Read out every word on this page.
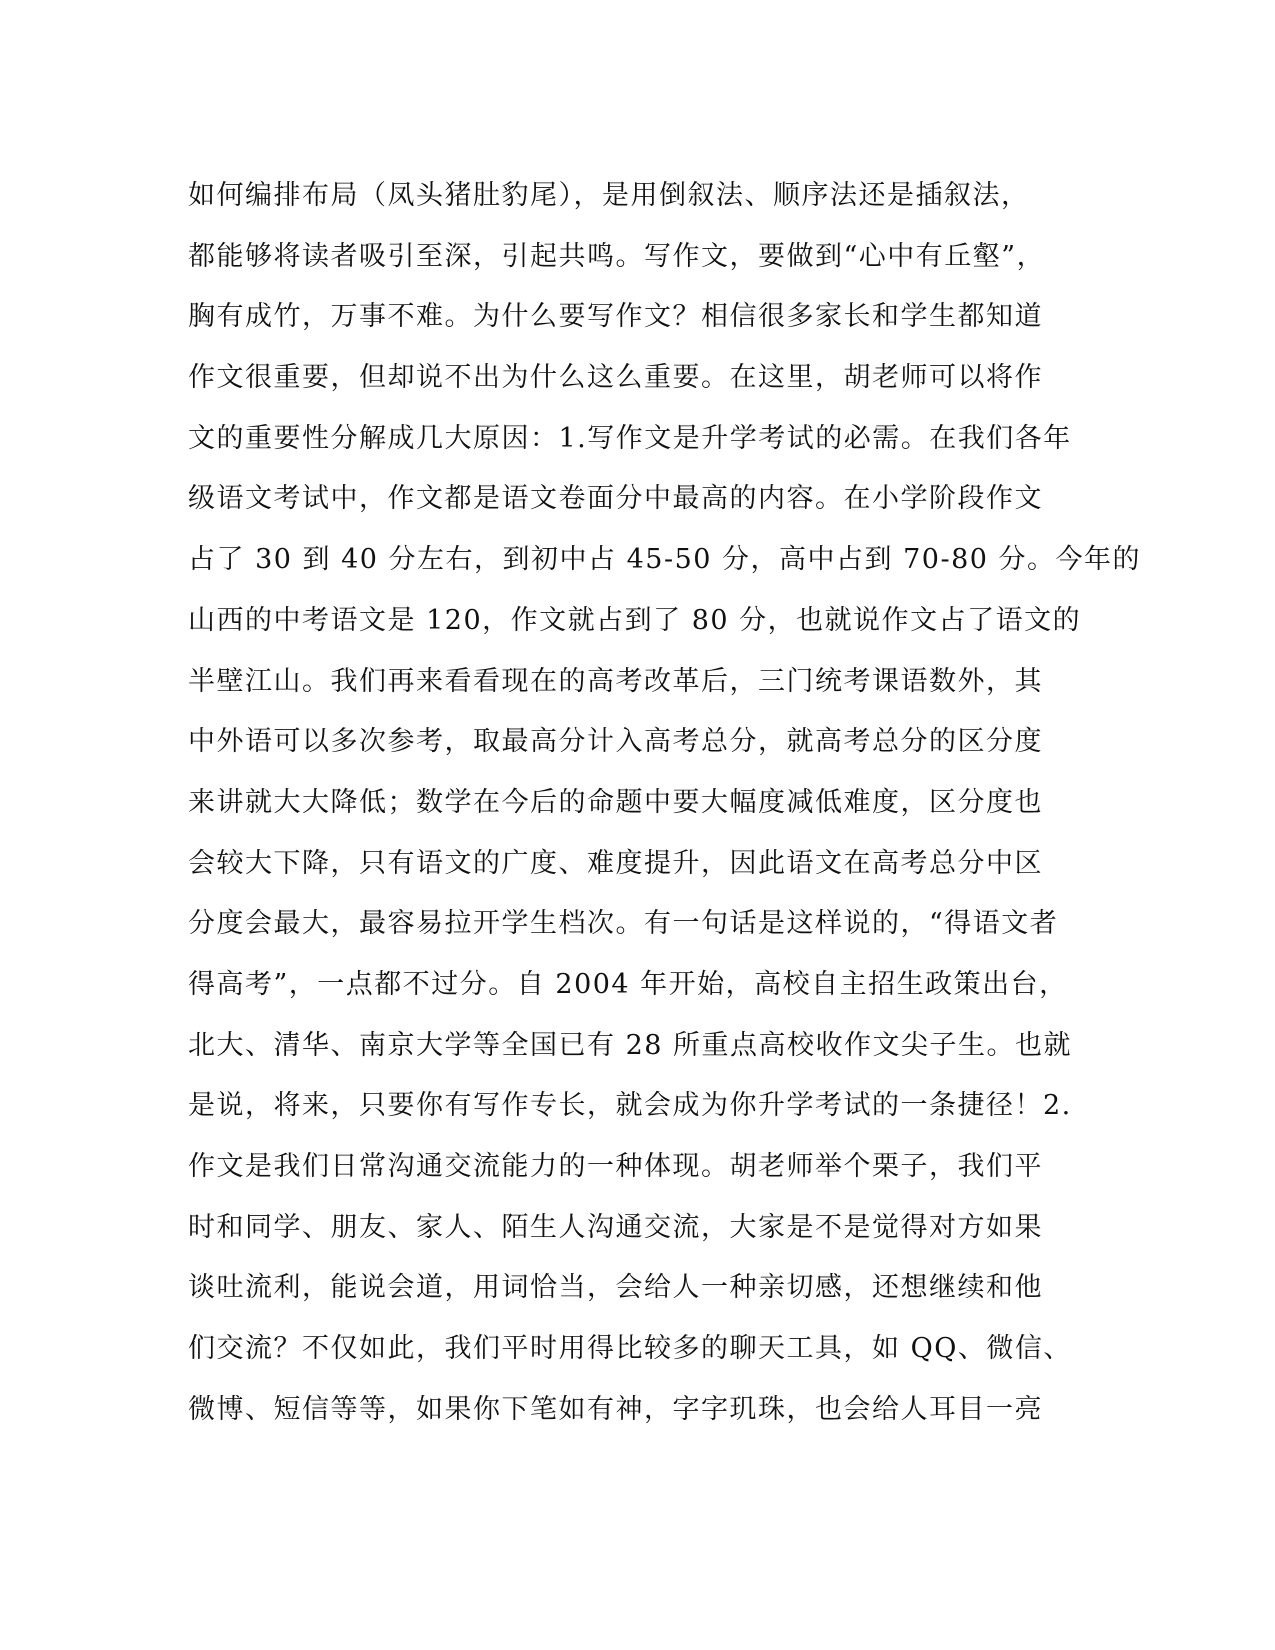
如何编排布局（凤头猪肚豹尾），是用倒叙法、顺序法还是插叙法，
都能够将读者吸引至深，引起共鸣。写作文，要做到“心中有丘壑”，
胸有成竹，万事不难。为什么要写作文？相信很多家长和学生都知道
作文很重要，但却说不出为什么这么重要。在这里，胡老师可以将作
文的重要性分解成几大原因：1.写作文是升学考试的必需。在我们各年
级语文考试中，作文都是语文卷面分中最高的内容。在小学阶段作文
占了 30 到 40 分左右，到初中占 45-50 分，高中占到 70-80 分。今年的
山西的中考语文是 120，作文就占到了 80 分，也就说作文占了语文的
半壁江山。我们再来看看现在的高考改革后，三门统考课语数外，其
中外语可以多次参考，取最高分计入高考总分，就高考总分的区分度
来讲就大大降低；数学在今后的命题中要大幅度减低难度，区分度也
会较大下降，只有语文的广度、难度提升，因此语文在高考总分中区
分度会最大，最容易拉开学生档次。有一句话是这样说的，“得语文者
得高考”，一点都不过分。自 2004 年开始，高校自主招生政策出台，
北大、清华、南京大学等全国已有 28 所重点高校收作文尖子生。也就
是说，将来，只要你有写作专长，就会成为你升学考试的一条捷径！2.
作文是我们日常沟通交流能力的一种体现。胡老师举个栗子，我们平
时和同学、朋友、家人、陌生人沟通交流，大家是不是觉得对方如果
谈吐流利，能说会道，用词恰当，会给人一种亲切感，还想继续和他
们交流？不仅如此，我们平时用得比较多的聊天工具，如 QQ、微信、
微博、短信等等，如果你下笔如有神，字字玑珠，也会给人耳目一亮
